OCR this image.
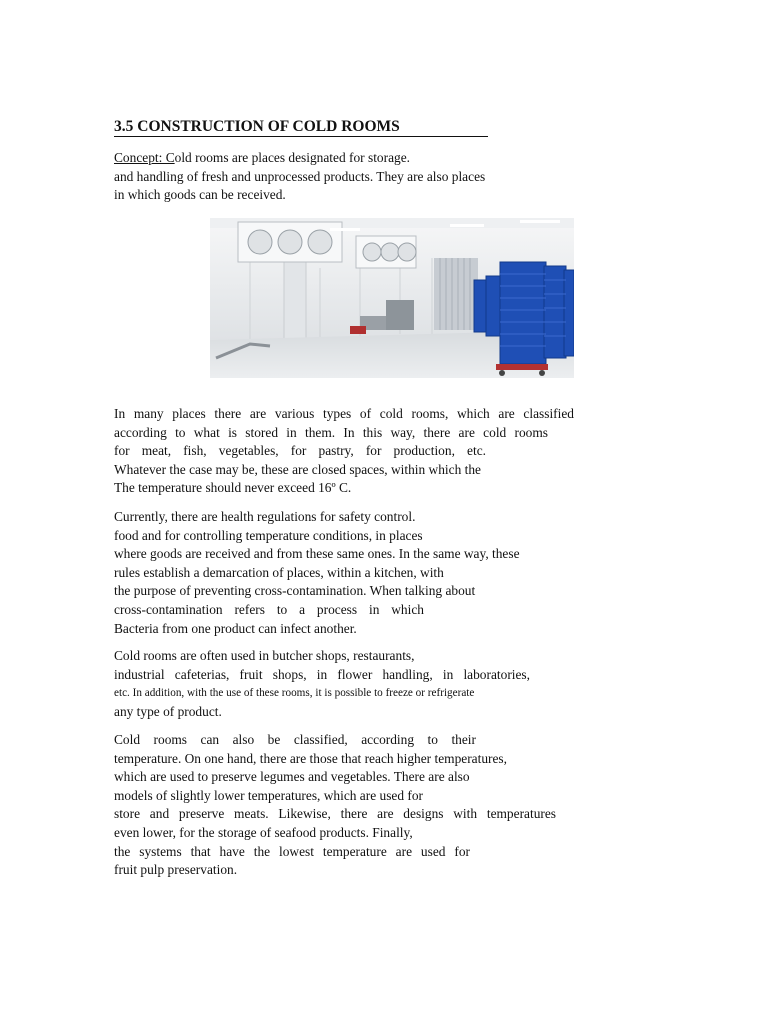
3.5 CONSTRUCTION OF COLD ROOMS
Concept: Cold rooms are places designated for storage.
and handling of fresh and unprocessed products. They are also places
in which goods can be received.
In many places there are various types of cold rooms, which are classified
according to what is stored in them. In this way, there are cold rooms
for meat, fish, vegetables, for pastry, for production, etc.
Whatever the case may be, these are closed spaces, within which the
The temperature should never exceed 16º C.
Currently, there are health regulations for safety control.
food and for controlling temperature conditions, in places
where goods are received and from these same ones. In the same way, these
rules establish a demarcation of places, within a kitchen, with
the purpose of preventing cross-contamination. When talking about
cross-contamination refers to a process in which
Bacteria from one product can infect another.
Cold rooms are often used in butcher shops, restaurants,
industrial cafeterias, fruit shops, in flower handling, in laboratories,
etc. In addition, with the use of these rooms, it is possible to freeze or refrigerate
any type of product.
Cold rooms can also be classified, according to their
temperature. On one hand, there are those that reach higher temperatures,
which are used to preserve legumes and vegetables. There are also
models of slightly lower temperatures, which are used for
store and preserve meats. Likewise, there are designs with temperatures
even lower, for the storage of seafood products. Finally,
the systems that have the lowest temperature are used for
fruit pulp preservation.
